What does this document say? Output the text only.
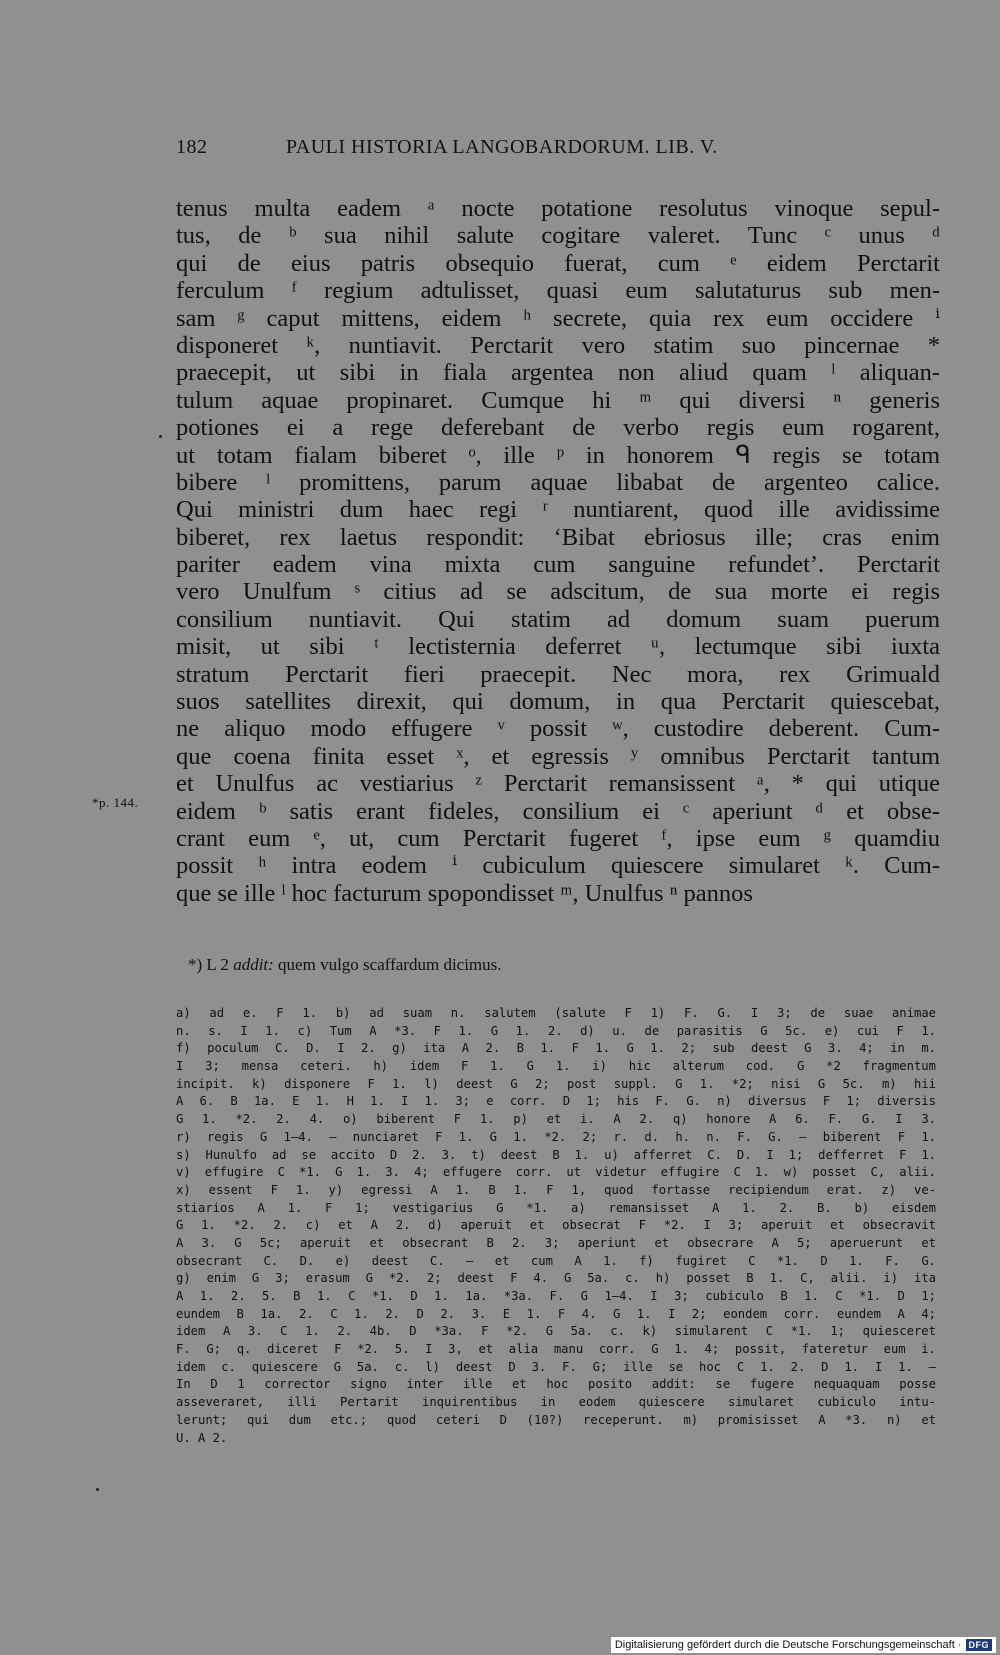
182	PAULI HISTORIA LANGOBARDORUM. LIB. V.
*p. 144.
tenus multa eadem ᵃ nocte potatione resolutus vinoque sepul-
tus, de ᵇ sua nihil salute cogitare valeret. Tunc ᶜ unus ᵈ
qui de eius patris obsequio fuerat, cum ᵉ eidem Perctarit
ferculum ᶠ regium adtulisset, quasi eum salutaturus sub men-
sam ᵍ caput mittens, eidem ʰ secrete, quia rex eum occidere ⁱ
disponeret ᵏ, nuntiavit. Perctarit vero statim suo pincernae *
praecepit, ut sibi in fiala argentea non aliud quam ˡ aliquan-
tulum aquae propinaret. Cumque hi ᵐ qui diversi ⁿ generis
potiones ei a rege deferebant de verbo regis eum rogarent,
ut totam fialam biberet ᵒ, ille ᵖ in honorem ᑫ regis se totam
bibere ˡ promittens, parum aquae libabat de argenteo calice.
Qui ministri dum haec regi ʳ nuntiarent, quod ille avidissime
biberet, rex laetus respondit: ‘Bibat ebriosus ille; cras enim
pariter eadem vina mixta cum sanguine refundet’. Perctarit
vero Unulfum ˢ citius ad se adscitum, de sua morte ei regis
consilium nuntiavit. Qui statim ad domum suam puerum
misit, ut sibi ᵗ lectisternia deferret ᵘ, lectumque sibi iuxta
stratum Perctarit fieri praecepit. Nec mora, rex Grimuald
suos satellites direxit, qui domum, in qua Perctarit quiescebat,
ne aliquo modo effugere ᵛ possit ʷ, custodire deberent. Cum-
que coena finita esset ˣ, et egressis ʸ omnibus Perctarit tantum
et Unulfus ac vestiarius ᶻ Perctarit remansissent ᵃ, * qui utique
eidem ᵇ satis erant fideles, consilium ei ᶜ aperiunt ᵈ et obse-
crant eum ᵉ, ut, cum Perctarit fugeret ᶠ, ipse eum ᵍ quamdiu
possit ʰ intra eodem ⁱ cubiculum quiescere simularet ᵏ. Cum-
que se ille ˡ hoc facturum spopondisset ᵐ, Unulfus ⁿ pannos
*) L 2 addit: quem vulgo scaffardum dicimus.
a) ad e. F 1. b) ad suam n. salutem (salute F 1) F. G. I 3; de suae animae
n. s. I 1. c) Tum A *3. F 1. G 1. 2. d) u. de parasitis G 5c. e) cui F 1.
f) poculum C. D. I 2. g) ita A 2. B 1. F 1. G 1. 2; sub deest G 3. 4; in m.
I 3; mensa ceteri. h) idem F 1. G 1. i) hic alterum cod. G *2 fragmentum
incipit. k) disponere F 1. l) deest G 2; post suppl. G 1. *2; nisi G 5c. m) hii
A 6. B 1a. E 1. H 1. I 1. 3; e corr. D 1; his F. G. n) diversus F 1; diversis
G 1. *2. 2. 4. o) biberent F 1. p) et i. A 2. q) honore A 6. F. G. I 3.
r) regis G 1—4. — nunciaret F 1. G 1. *2. 2; r. d. h. n. F. G. — biberent F 1.
s) Hunulfo ad se accito D 2. 3. t) deest B 1. u) afferret C. D. I 1; defferret F 1.
v) effugire C *1. G 1. 3. 4; effugere corr. ut videtur effugire C 1. w) posset C, alii.
x) essent F 1. y) egressi A 1. B 1. F 1, quod fortasse recipiendum erat. z) ve-
stiarios A 1. F 1; vestigarius G *1. a) remansisset A 1. 2. B. b) eisdem
G 1. *2. 2. c) et A 2. d) aperuit et obsecrat F *2. I 3; aperuit et obsecravit
A 3. G 5c; aperuit et obsecrant B 2. 3; aperiunt et obsecrare A 5; aperuerunt et
obsecrant C. D. e) deest C. — et cum A 1. f) fugiret C *1. D 1. F. G.
g) enim G 3; erasum G *2. 2; deest F 4. G 5a. c. h) posset B 1. C, alii. i) ita
A 1. 2. 5. B 1. C *1. D 1. 1a. *3a. F. G 1—4. I 3; cubiculo B 1. C *1. D 1;
eundem B 1a. 2. C 1. 2. D 2. 3. E 1. F 4. G 1. I 2; eondem corr. eundem A 4;
idem A 3. C 1. 2. 4b. D *3a. F *2. G 5a. c. k) simularent C *1. 1; quiesceret
F. G; q. diceret F *2. 5. I 3, et alia manu corr. G 1. 4; possit, fateretur eum i.
idem c. quiescere G 5a. c. l) deest D 3. F. G; ille se hoc C 1. 2. D 1. I 1. —
In D 1 corrector signo inter ille et hoc posito addit: se fugere nequaquam posse
asseveraret, illi Pertarit inquirentibus in eodem quiescere simularet cubiculo intu-
lerunt; qui dum etc.; quod ceteri D (10?) receperunt. m) promisisset A *3. n) et
U. A 2.
Digitalisierung gefördert durch die Deutsche Forschungsgemeinschaft · DFG
